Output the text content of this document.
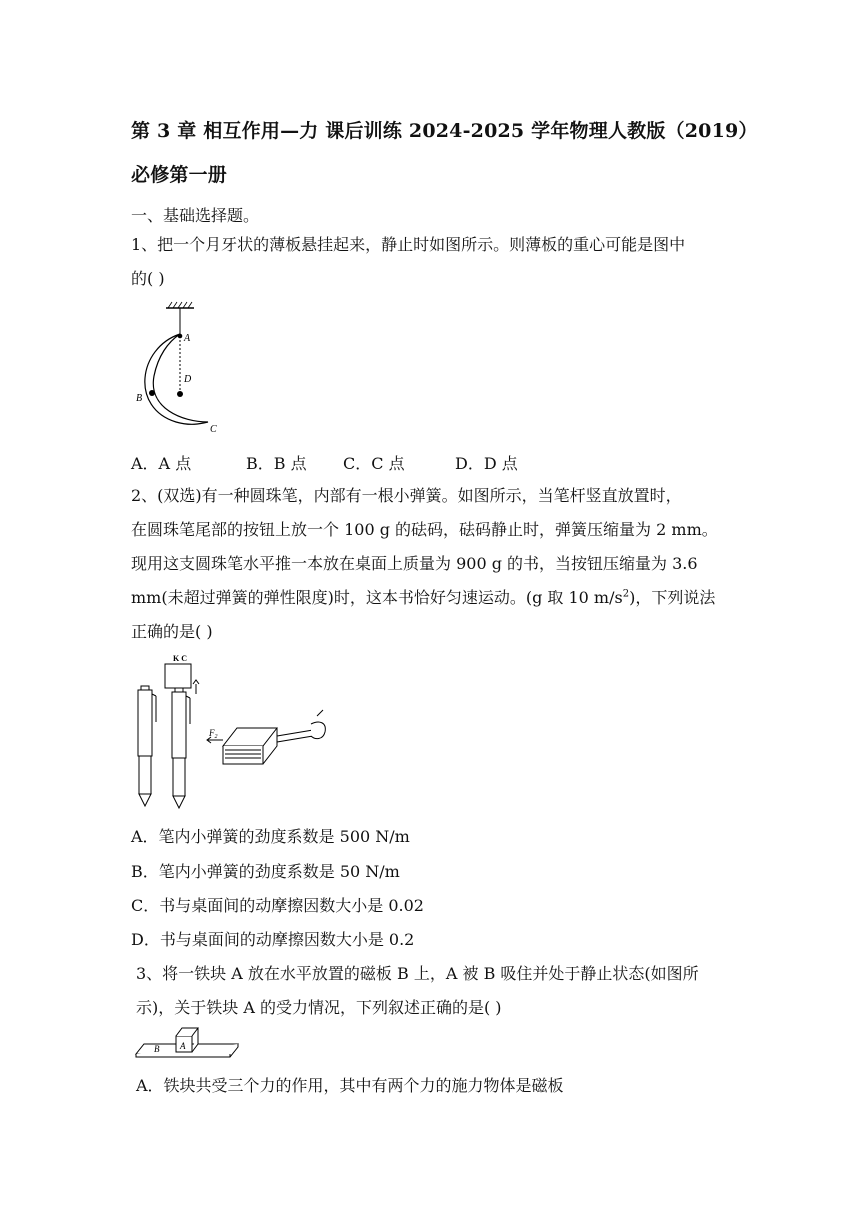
第 3 章 相互作用—力 课后训练 2024-2025 学年物理人教版（2019）
必修第一册
一、基础选择题。
1、把一个月牙状的薄板悬挂起来，静止时如图所示。则薄板的重心可能是图中
的( )
A
D
B
C
A．A 点	B．B 点 C．C 点	D．D 点
2、(双选)有一种圆珠笔，内部有一根小弹簧。如图所示，当笔杆竖直放置时，
在圆珠笔尾部的按钮上放一个 100 g 的砝码，砝码静止时，弹簧压缩量为 2 mm。
现用这支圆珠笔水平推一本放在桌面上质量为 900 g 的书，当按钮压缩量为 3.6
mm(未超过弹簧的弹性限度)时，这本书恰好匀速运动。(g 取 10 $m/s^2$)，下列说法
正确的是( )
K C
$F_2$
A．笔内小弹簧的劲度系数是 500 N/m
B．笔内小弹簧的劲度系数是 50 N/m
C．书与桌面间的动摩擦因数大小是 0.02
D．书与桌面间的动摩擦因数大小是 0.2
3、将一铁块 A 放在水平放置的磁板 B 上，A 被 B 吸住并处于静止状态(如图所
示)，关于铁块 A 的受力情况，下列叙述正确的是( )
B A
A．铁块共受三个力的作用，其中有两个力的施力物体是磁板
